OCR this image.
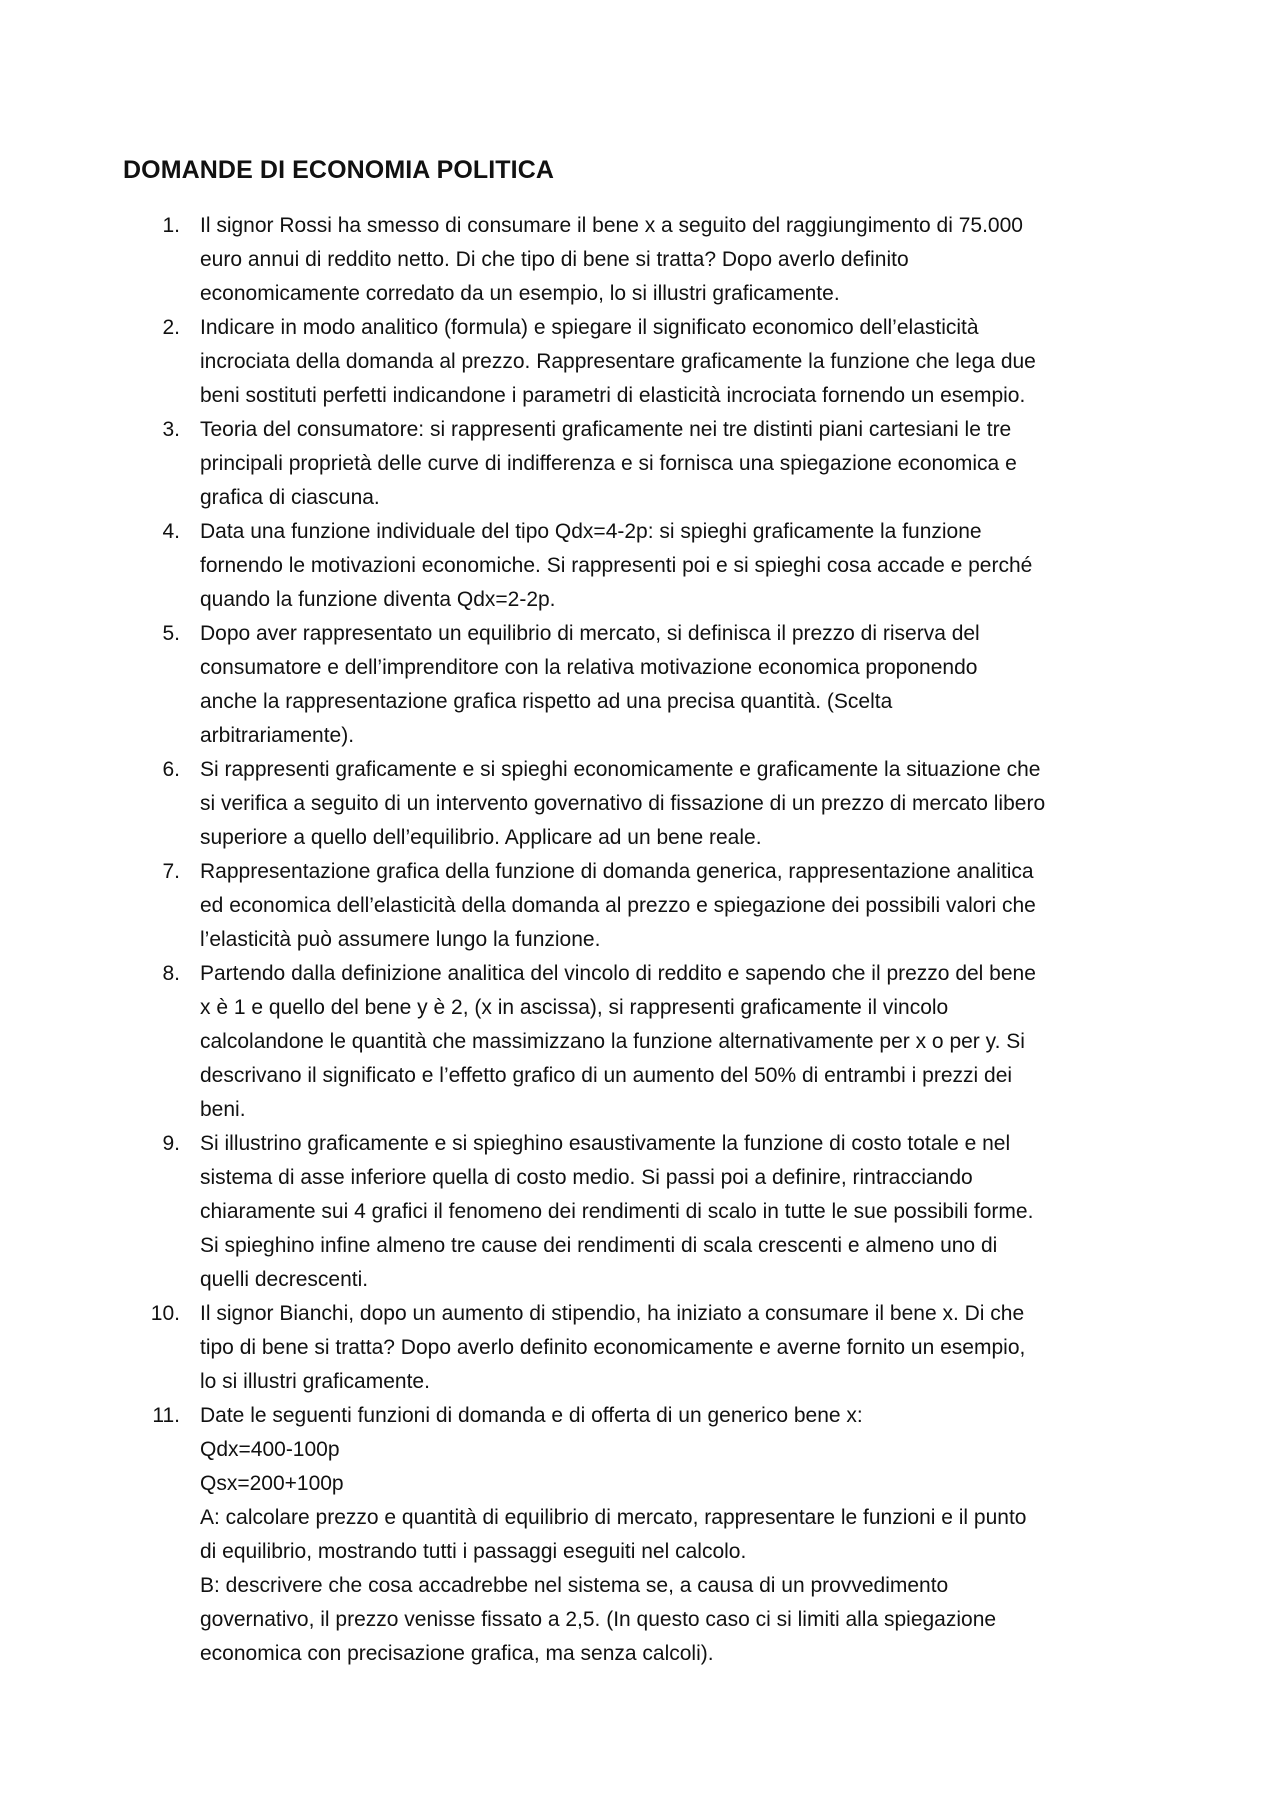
DOMANDE DI ECONOMIA POLITICA
1. Il signor Rossi ha smesso di consumare il bene x a seguito del raggiungimento di 75.000
euro annui di reddito netto. Di che tipo di bene si tratta? Dopo averlo definito
economicamente corredato da un esempio, lo si illustri graficamente.
2. Indicare in modo analitico (formula) e spiegare il significato economico dell’elasticità
incrociata della domanda al prezzo. Rappresentare graficamente la funzione che lega due
beni sostituti perfetti indicandone i parametri di elasticità incrociata fornendo un esempio.
3. Teoria del consumatore: si rappresenti graficamente nei tre distinti piani cartesiani le tre
principali proprietà delle curve di indifferenza e si fornisca una spiegazione economica e
grafica di ciascuna.
4. Data una funzione individuale del tipo Qdx=4-2p: si spieghi graficamente la funzione
fornendo le motivazioni economiche. Si rappresenti poi e si spieghi cosa accade e perché
quando la funzione diventa Qdx=2-2p.
5. Dopo aver rappresentato un equilibrio di mercato, si definisca il prezzo di riserva del
consumatore e dell’imprenditore con la relativa motivazione economica proponendo
anche la rappresentazione grafica rispetto ad una precisa quantità. (Scelta
arbitrariamente).
6. Si rappresenti graficamente e si spieghi economicamente e graficamente la situazione che
si verifica a seguito di un intervento governativo di fissazione di un prezzo di mercato libero
superiore a quello dell’equilibrio. Applicare ad un bene reale.
7. Rappresentazione grafica della funzione di domanda generica, rappresentazione analitica
ed economica dell’elasticità della domanda al prezzo e spiegazione dei possibili valori che
l’elasticità può assumere lungo la funzione.
8. Partendo dalla definizione analitica del vincolo di reddito e sapendo che il prezzo del bene
x è 1 e quello del bene y è 2, (x in ascissa), si rappresenti graficamente il vincolo
calcolandone le quantità che massimizzano la funzione alternativamente per x o per y. Si
descrivano il significato e l’effetto grafico di un aumento del 50% di entrambi i prezzi dei
beni.
9. Si illustrino graficamente e si spieghino esaustivamente la funzione di costo totale e nel
sistema di asse inferiore quella di costo medio. Si passi poi a definire, rintracciando
chiaramente sui 4 grafici il fenomeno dei rendimenti di scalo in tutte le sue possibili forme.
Si spieghino infine almeno tre cause dei rendimenti di scala crescenti e almeno uno di
quelli decrescenti.
10. Il signor Bianchi, dopo un aumento di stipendio, ha iniziato a consumare il bene x. Di che
tipo di bene si tratta? Dopo averlo definito economicamente e averne fornito un esempio,
lo si illustri graficamente.
11. Date le seguenti funzioni di domanda e di offerta di un generico bene x:
Qdx=400-100p
Qsx=200+100p
A: calcolare prezzo e quantità di equilibrio di mercato, rappresentare le funzioni e il punto
di equilibrio, mostrando tutti i passaggi eseguiti nel calcolo.
B: descrivere che cosa accadrebbe nel sistema se, a causa di un provvedimento
governativo, il prezzo venisse fissato a 2,5. (In questo caso ci si limiti alla spiegazione
economica con precisazione grafica, ma senza calcoli).
